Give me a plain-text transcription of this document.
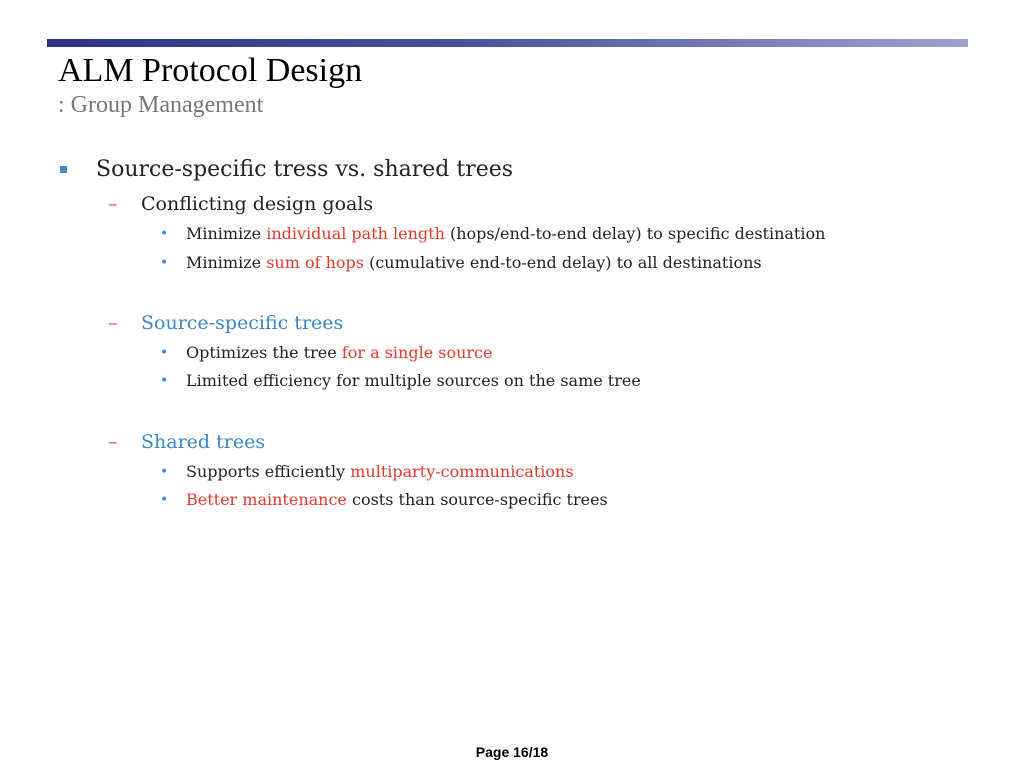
ALM Protocol Design
: Group Management
Source-specific tress vs. shared trees
– Conflicting design goals
• Minimize individual path length (hops/end-to-end delay) to specific destination
• Minimize sum of hops (cumulative end-to-end delay) to all destinations
– Source-specific trees
• Optimizes the tree for a single source
• Limited efficiency for multiple sources on the same tree
– Shared trees
• Supports efficiently multiparty-communications
• Better maintenance costs than source-specific trees
Page 16/18
